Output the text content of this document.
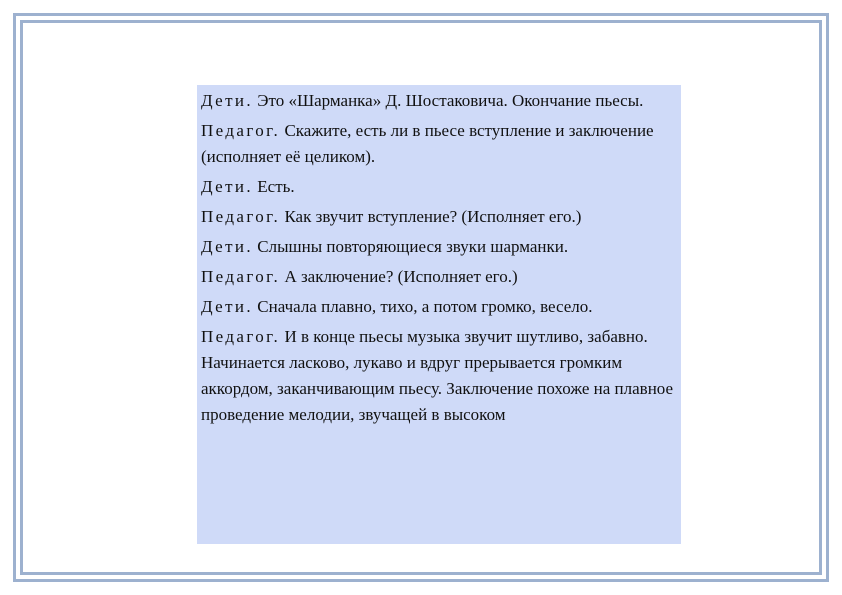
Дети. Это «Шарманка» Д. Шостаковича. Окончание пьесы.

Педагог. Скажите, есть ли в пьесе вступление и заключение (исполняет её целиком).

Дети. Есть.

Педагог. Как звучит вступление? (Исполняет его.)

Дети. Слышны повторяющиеся звуки шарманки.

Педагог. А заключение? (Исполняет его.)

Дети. Сначала плавно, тихо, а потом громко, весело.

Педагог. И в конце пьесы музыка звучит шутливо, забавно. Начинается ласково, лукаво и вдруг прерывается громким аккордом, заканчивающим пьесу. Заключение похоже на плавное проведение мелодии, звучащей в высоком
